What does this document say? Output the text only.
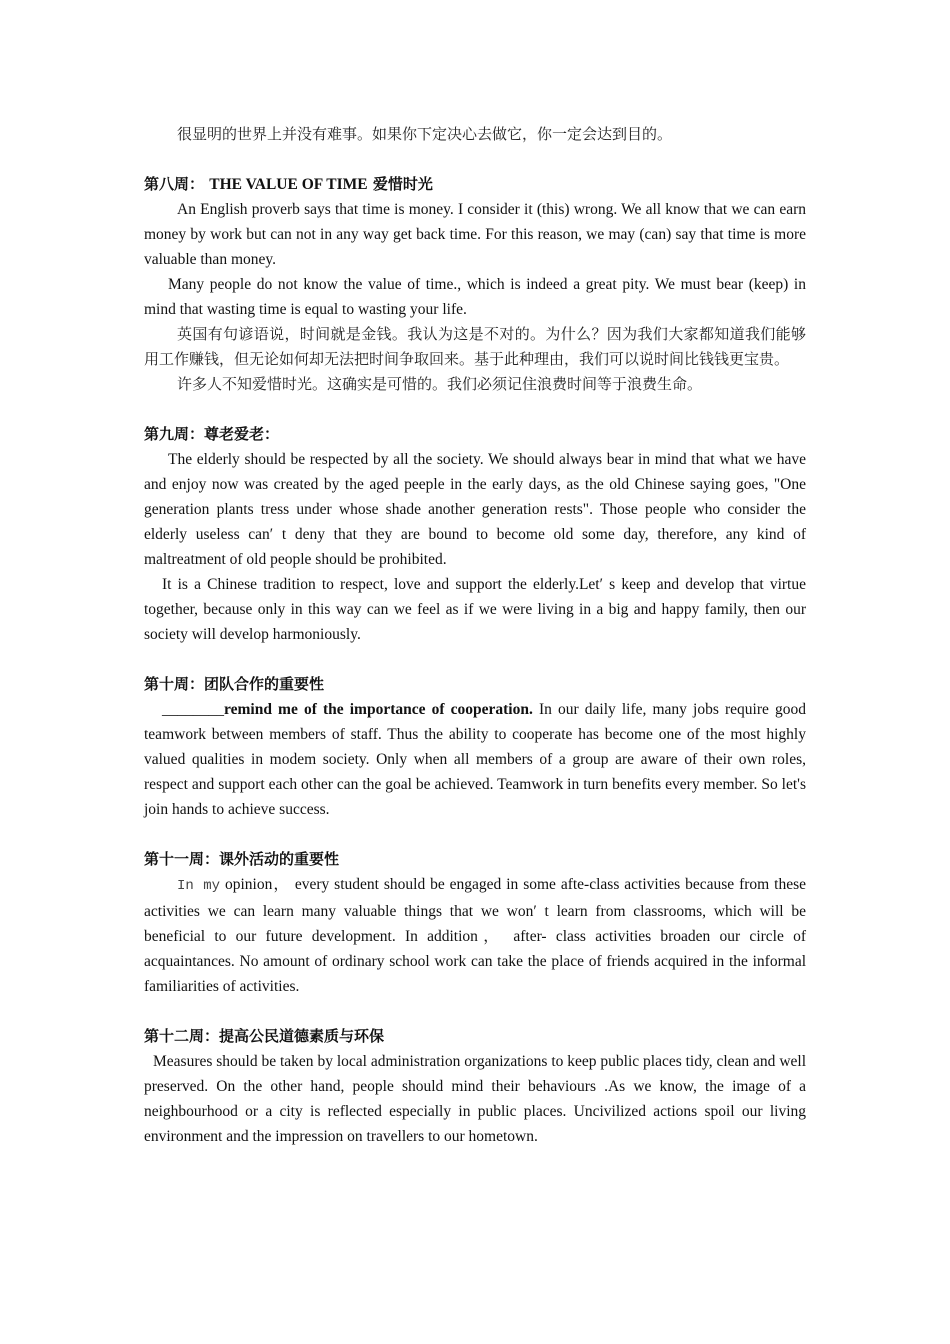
很显明的世界上并没有难事。如果你下定决心去做它，你一定会达到目的。

第八周： THE VALUE OF TIME 爱惜时光

An English proverb says that time is money. I consider it (this) wrong. We all know that we can earn money by work but can not in any way get back time. For this reason, we may (can) say that time is more valuable than money.

Many people do not know the value of time., which is indeed a great pity. We must bear (keep) in mind that wasting time is equal to wasting your life.

英国有句谚语说，时间就是金钱。我认为这是不对的。为什么？因为我们大家都知道我们能够用工作赚钱，但无论如何却无法把时间争取回来。基于此种理由，我们可以说时间比钱钱更宝贵。

许多人不知爱惜时光。这确实是可惜的。我们必须记住浪费时间等于浪费生命。

第九周：尊老爱老：

The elderly should be respected by all the society. We should always bear in mind that what we have and enjoy now was created by the aged peeple in the early days, as the old Chinese saying goes, "One generation plants tress under whose shade another generation rests". Those people who consider the elderly useless can′ t deny that they are bound to become old some day, therefore, any kind of maltreatment of old people should be prohibited.

It is a Chinese tradition to respect, love and support the elderly.Let′ s keep and develop that virtue together, because only in this way can we feel as if we were living in a big and happy family, then our society will develop harmoniously.

第十周：团队合作的重要性

________remind me of the importance of cooperation. In our daily life, many jobs require good teamwork between members of staff. Thus the ability to cooperate has become one of the most highly valued qualities in modem society. Only when all members of a group are aware of their own roles, respect and support each other can the goal be achieved. Teamwork in turn benefits every member. So let's join hands to achieve success.

第十一周：课外活动的重要性

In my opinion， every student should be engaged in some afte-class activities because from these activities we can learn many valuable things that we won′ t learn from classrooms, which will be beneficial to our future development. In addition， after- class activities broaden our circle of acquaintances. No amount of ordinary school work can take the place of friends acquired in the informal familiarities of activities.

第十二周：提高公民道德素质与环保

Measures should be taken by local administration organizations to keep public places tidy, clean and well preserved. On the other hand, people should mind their behaviours .As we know, the image of a neighbourhood or a city is reflected especially in public places. Uncivilized actions spoil our living environment and the impression on travellers to our hometown.
